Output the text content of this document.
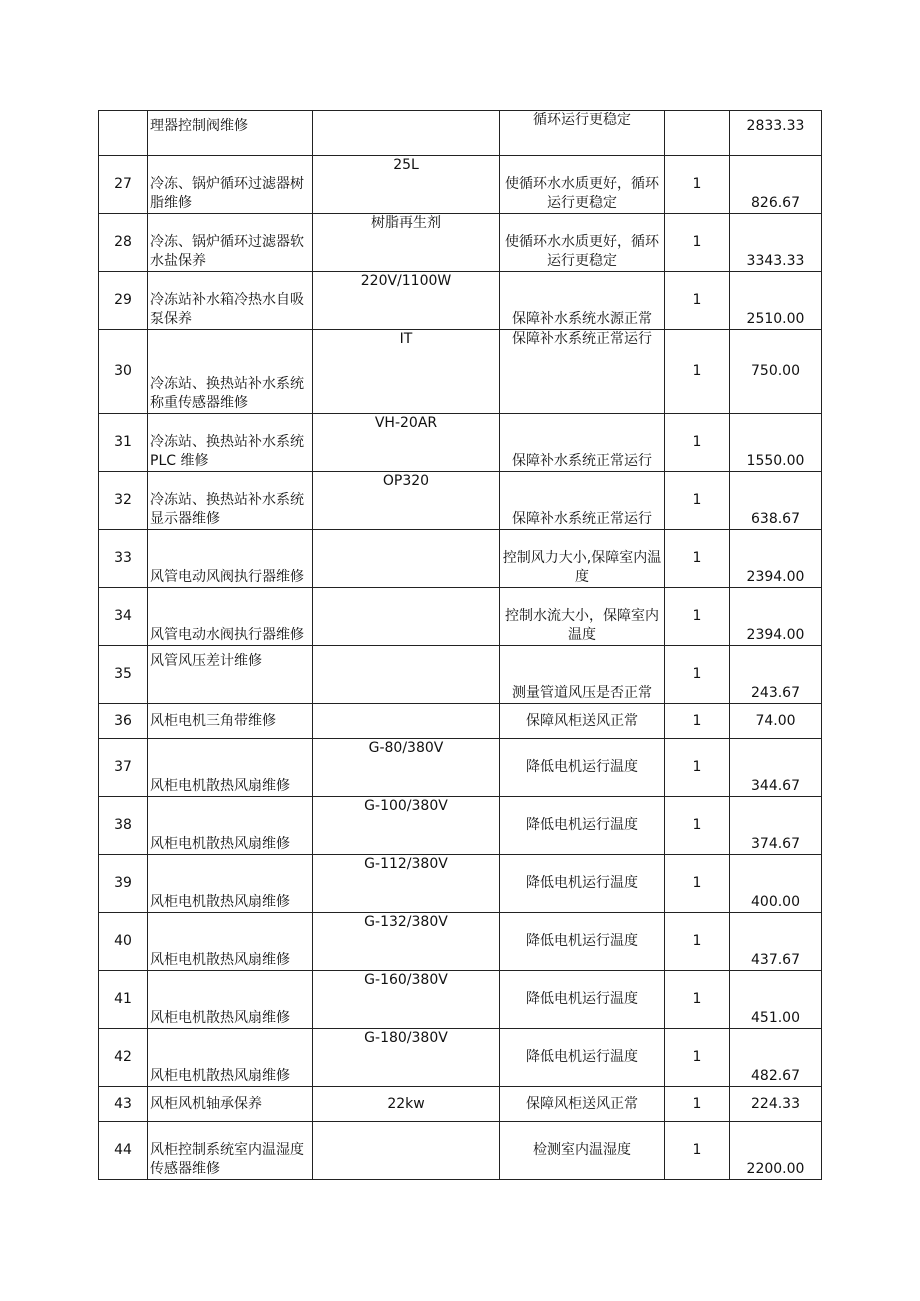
	理器控制阀维修		循环运行更稳定		2833.33
27	冷冻、锅炉循环过滤器树脂维修	25L	使循环水水质更好，循环运行更稳定	1	826.67
28	冷冻、锅炉循环过滤器软水盐保养	树脂再生剂	使循环水水质更好，循环运行更稳定	1	3343.33
29	冷冻站补水箱冷热水自吸泵保养	220V/1100W	保障补水系统水源正常	1	2510.00
30	冷冻站、换热站补水系统称重传感器维修	IT	保障补水系统正常运行	1	750.00
31	冷冻站、换热站补水系统 PLC 维修	VH-20AR	保障补水系统正常运行	1	1550.00
32	冷冻站、换热站补水系统显示器维修	OP320	保障补水系统正常运行	1	638.67
33	风管电动风阀执行器维修		控制风力大小,保障室内温度	1	2394.00
34	风管电动水阀执行器维修		控制水流大小，保障室内温度	1	2394.00
35	风管风压差计维修		测量管道风压是否正常	1	243.67
36	风柜电机三角带维修		保障风柜送风正常	1	74.00
37	风柜电机散热风扇维修	G-80/380V	降低电机运行温度	1	344.67
38	风柜电机散热风扇维修	G-100/380V	降低电机运行温度	1	374.67
39	风柜电机散热风扇维修	G-112/380V	降低电机运行温度	1	400.00
40	风柜电机散热风扇维修	G-132/380V	降低电机运行温度	1	437.67
41	风柜电机散热风扇维修	G-160/380V	降低电机运行温度	1	451.00
42	风柜电机散热风扇维修	G-180/380V	降低电机运行温度	1	482.67
43	风柜风机轴承保养	22kw	保障风柜送风正常	1	224.33
44	风柜控制系统室内温湿度传感器维修		检测室内温湿度	1	2200.00
